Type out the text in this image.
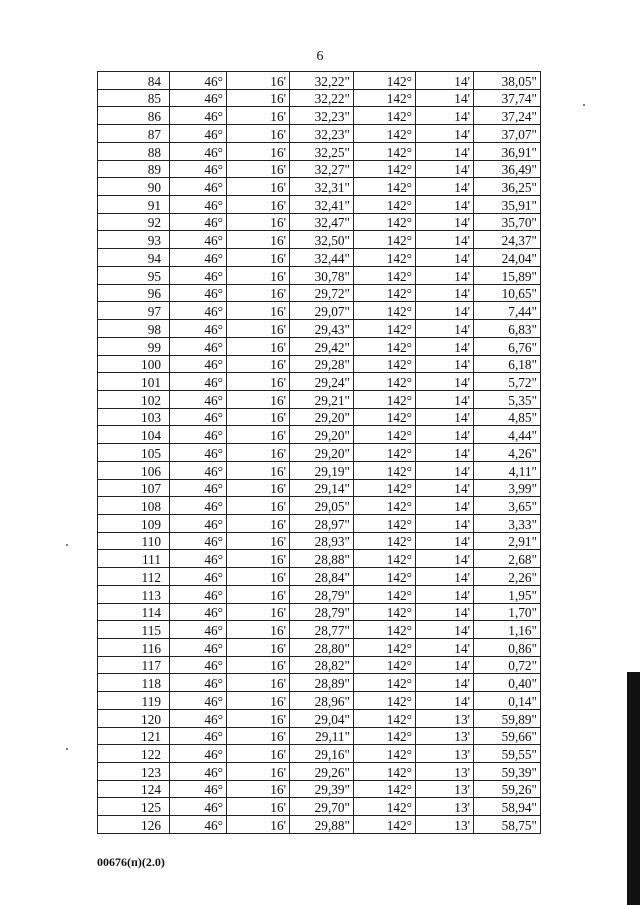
6
84	46°	16'	32,22"	142°	14'	38,05"
85	46°	16'	32,22"	142°	14'	37,74"
86	46°	16'	32,23"	142°	14'	37,24"
87	46°	16'	32,23"	142°	14'	37,07"
88	46°	16'	32,25"	142°	14'	36,91"
89	46°	16'	32,27"	142°	14'	36,49"
90	46°	16'	32,31"	142°	14'	36,25"
91	46°	16'	32,41"	142°	14'	35,91"
92	46°	16'	32,47"	142°	14'	35,70"
93	46°	16'	32,50"	142°	14'	24,37"
94	46°	16'	32,44"	142°	14'	24,04"
95	46°	16'	30,78"	142°	14'	15,89"
96	46°	16'	29,72"	142°	14'	10,65"
97	46°	16'	29,07"	142°	14'	7,44"
98	46°	16'	29,43"	142°	14'	6,83"
99	46°	16'	29,42"	142°	14'	6,76"
100	46°	16'	29,28"	142°	14'	6,18"
101	46°	16'	29,24"	142°	14'	5,72"
102	46°	16'	29,21"	142°	14'	5,35"
103	46°	16'	29,20"	142°	14'	4,85"
104	46°	16'	29,20"	142°	14'	4,44"
105	46°	16'	29,20"	142°	14'	4,26"
106	46°	16'	29,19"	142°	14'	4,11"
107	46°	16'	29,14"	142°	14'	3,99"
108	46°	16'	29,05"	142°	14'	3,65"
109	46°	16'	28,97"	142°	14'	3,33"
110	46°	16'	28,93"	142°	14'	2,91"
111	46°	16'	28,88"	142°	14'	2,68"
112	46°	16'	28,84"	142°	14'	2,26"
113	46°	16'	28,79"	142°	14'	1,95"
114	46°	16'	28,79"	142°	14'	1,70"
115	46°	16'	28,77"	142°	14'	1,16"
116	46°	16'	28,80"	142°	14'	0,86"
117	46°	16'	28,82"	142°	14'	0,72"
118	46°	16'	28,89"	142°	14'	0,40"
119	46°	16'	28,96"	142°	14'	0,14"
120	46°	16'	29,04"	142°	13'	59,89"
121	46°	16'	29,11"	142°	13'	59,66"
122	46°	16'	29,16"	142°	13'	59,55"
123	46°	16'	29,26"	142°	13'	59,39"
124	46°	16'	29,39"	142°	13'	59,26"
125	46°	16'	29,70"	142°	13'	58,94"
126	46°	16'	29,88"	142°	13'	58,75"
00676(п)(2.0)
